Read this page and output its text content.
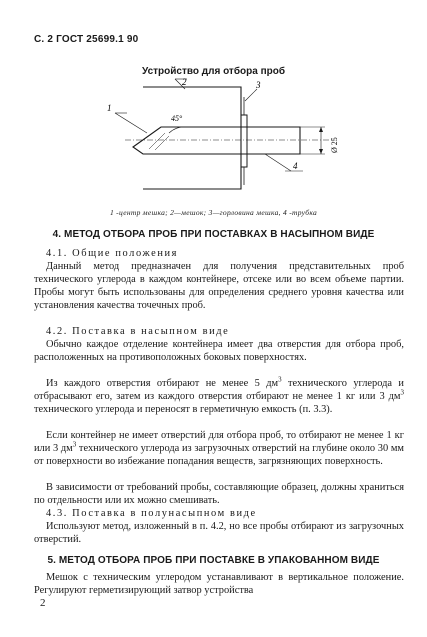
С. 2 ГОСТ 25699.1 90
Устройство для отбора проб
45°
1
2	3
4
Ø 25
1 -центр мешка; 2—мешок; 3—горловина мешка, 4 -трубка
4. МЕТОД ОТБОРА ПРОБ ПРИ ПОСТАВКАХ В НАСЫПНОМ ВИДЕ
4.1. Общие положения
Данный метод предназначен для получения представительных проб технического углерода в каждом контейнере, отсеке или во всем объеме партии. Пробы могут быть использованы для определения среднего уровня качества или установления качества точечных проб.
4.2. Поставка в насыпном виде
Обычно каждое отделение контейнера имеет два отверстия для отбора проб, расположенных на противоположных боковых поверхностях.
Из каждого отверстия отбирают не менее 5 $дм^3$ технического углерода и отбрасывают его, затем из каждого отверстия отбирают не менее 1 кг или 3 $дм^3$ технического углерода и переносят в герметичную емкость (п. 3.3).
Если контейнер не имеет отверстий для отбора проб, то отбирают не менее 1 кг или 3 $дм^3$ технического углерода из загрузочных отверстий на глубине около 30 мм от поверхности во избежание попадания веществ, загрязняющих поверхность.
В зависимости от требований пробы, составляющие образец, должны храниться по отдельности или их можно смешивать.
4.3. Поставка в полунасыпном виде
Используют метод, изложенный в п. 4.2, но все пробы отбирают из загрузочных отверстий.
5. МЕТОД ОТБОРА ПРОБ ПРИ ПОСТАВКЕ В УПАКОВАННОМ ВИДЕ
Мешок с техническим углеродом устанавливают в вертикальное положение. Регулируют герметизирующий затвор устройства
2
